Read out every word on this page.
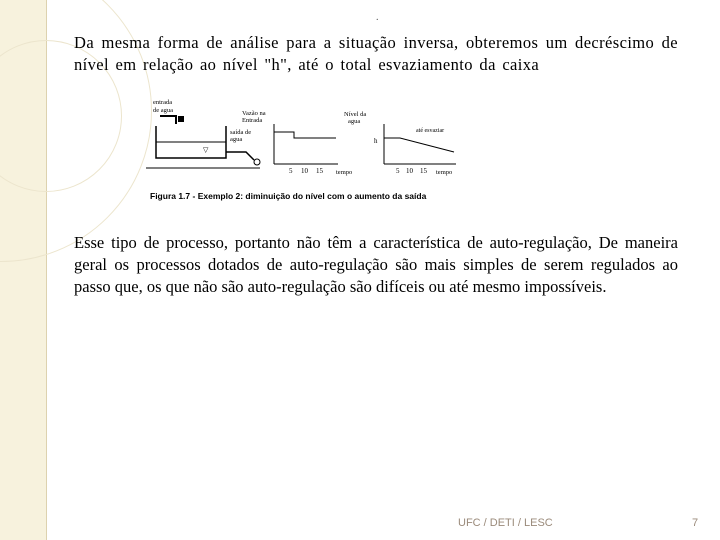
.
Da mesma forma de análise para a situação inversa, obteremos um decréscimo de nível em relação ao nível "h", até o total esvaziamento da caixa
entrada
de agua
▽
saída de
agua
Vazão na
Entrada
5 10 15 tempo
Nível da
agua
h
até esvaziar
5 10 15 tempo
Figura 1.7 - Exemplo 2: diminuição do nível com o aumento da saída
Esse tipo de processo, portanto não têm a característica de auto-regulação, De maneira geral os processos dotados de auto-regulação são mais simples de serem regulados ao passo que, os que não são auto-regulação são difíceis ou até mesmo impossíveis.
UFC / DETI / LESC	7
